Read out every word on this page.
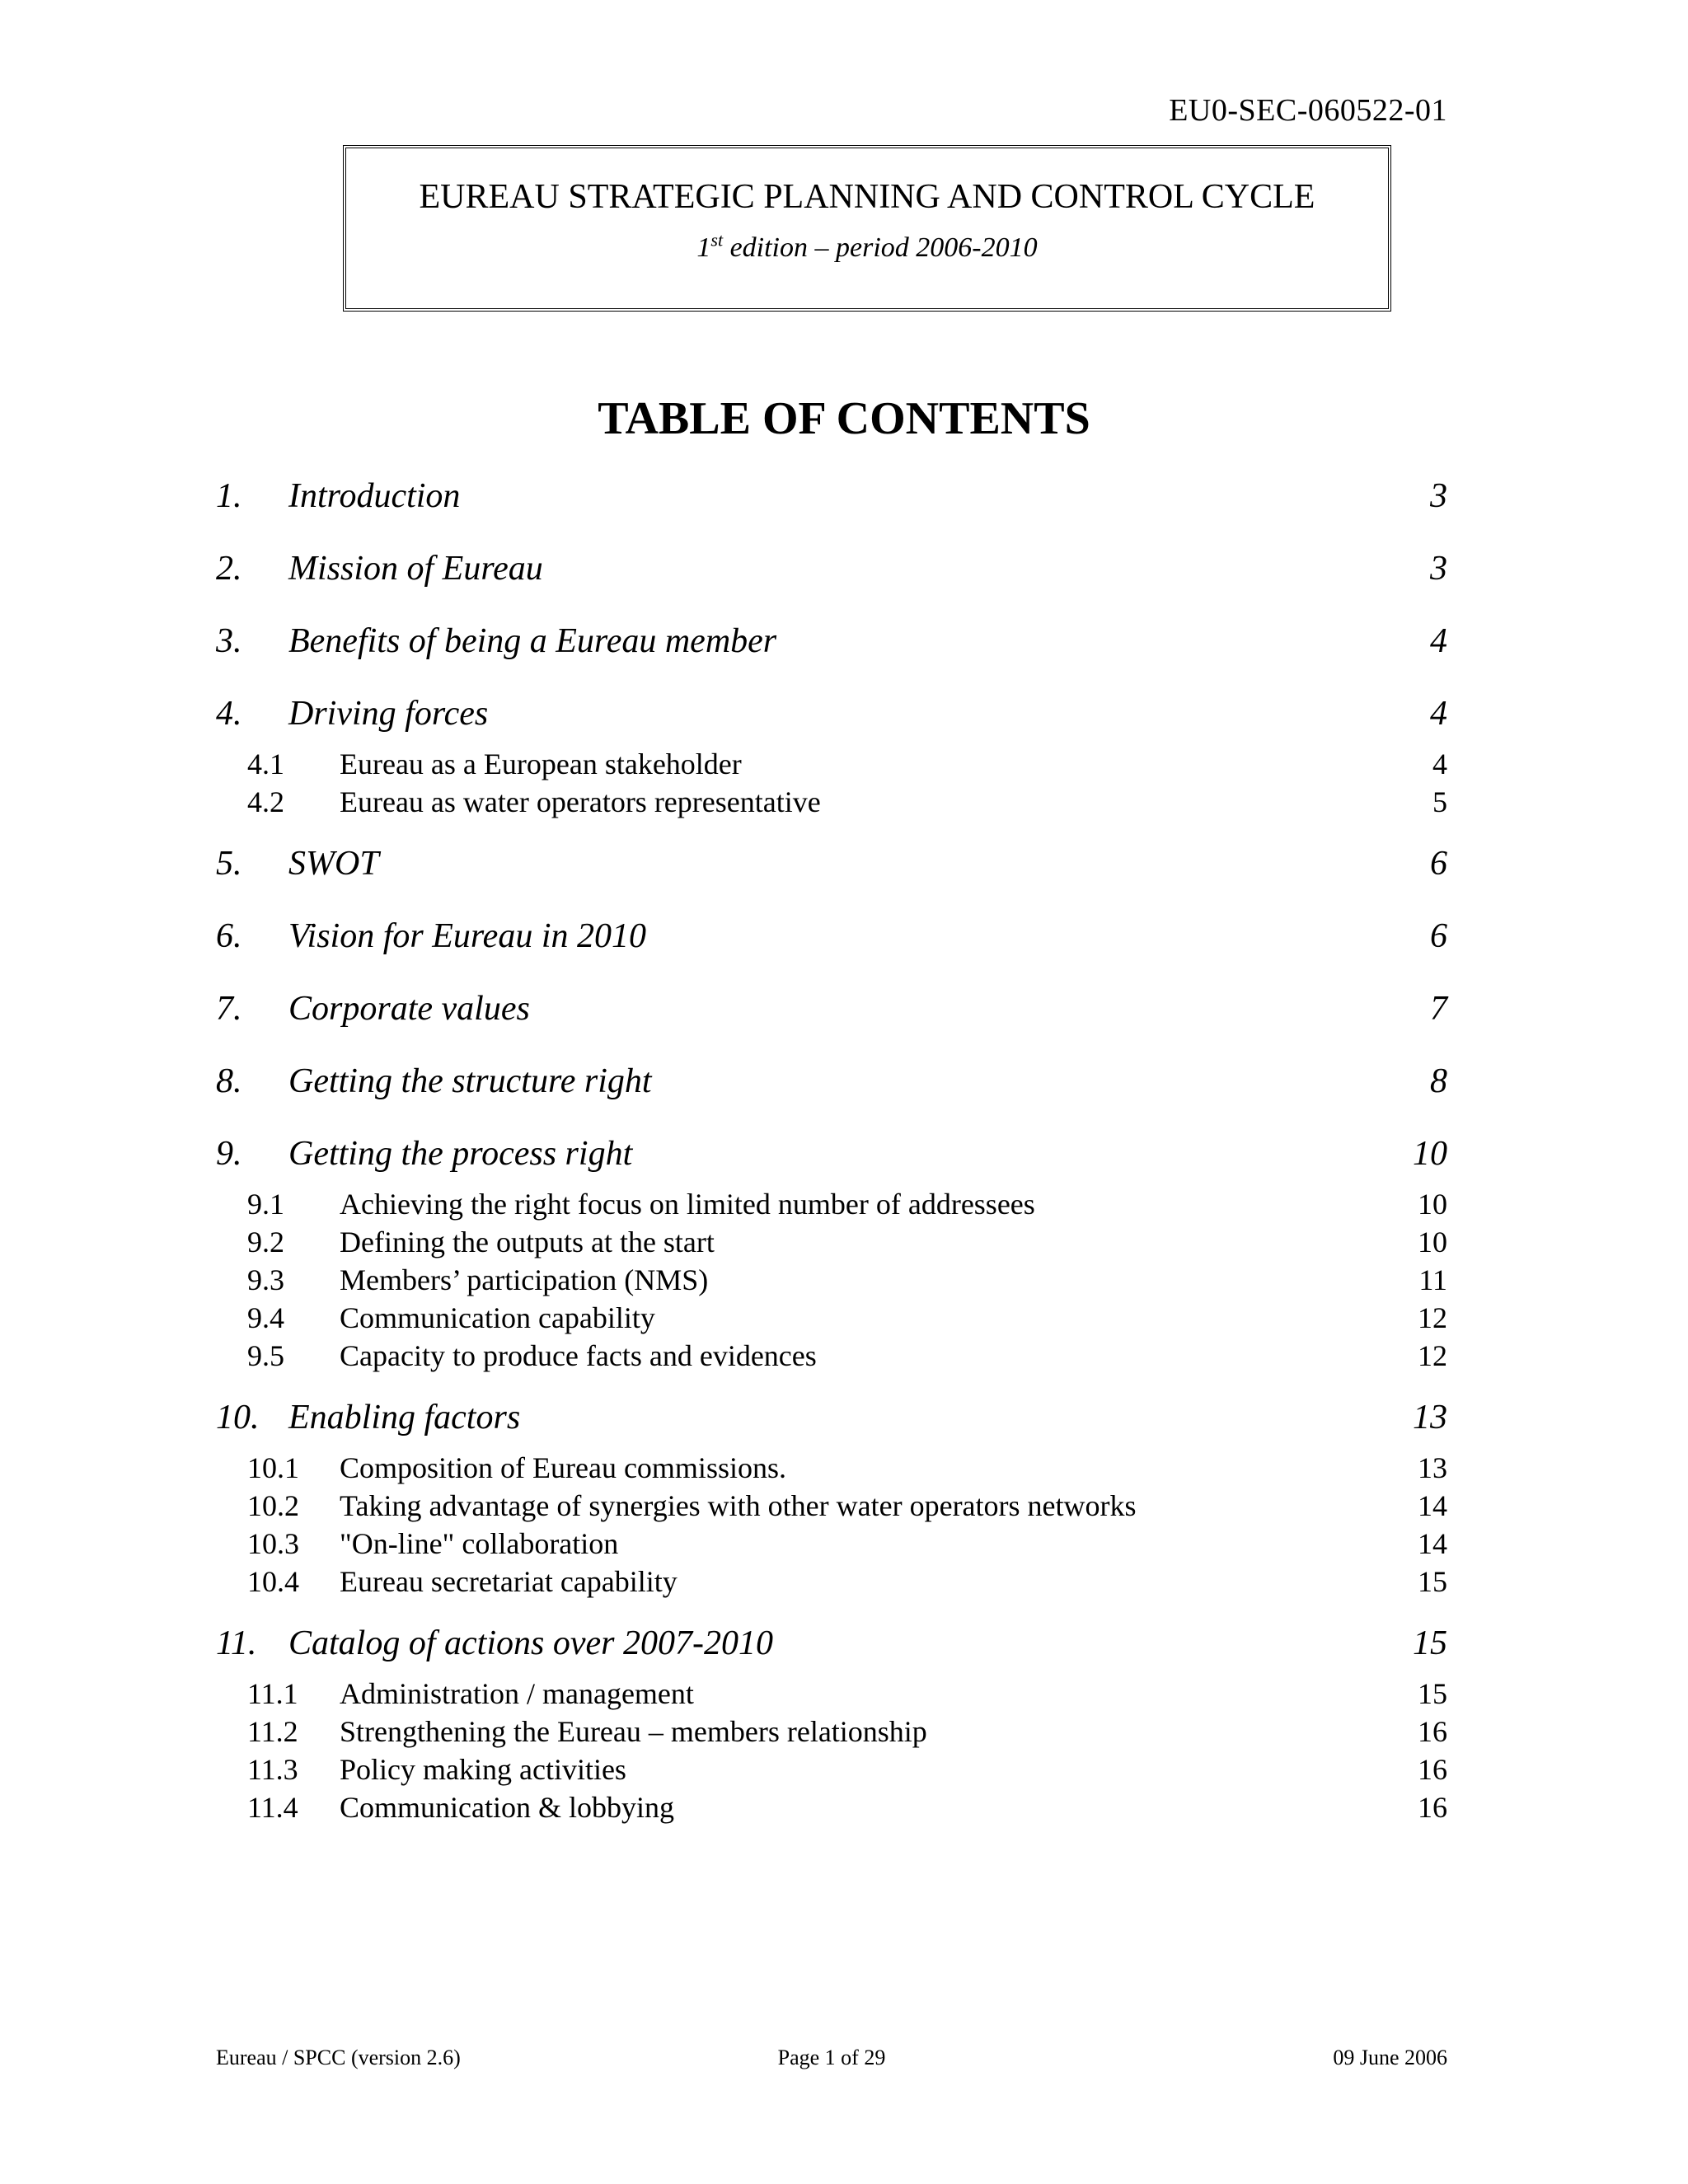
EU0-SEC-060522-01
EUREAU STRATEGIC PLANNING AND CONTROL CYCLE
1st edition – period 2006-2010
TABLE OF CONTENTS
1.	Introduction	3
2.	Mission of Eureau	3
3.	Benefits of being a Eureau member	4
4.	Driving forces	4
4.1	Eureau as a European stakeholder	4
4.2	Eureau as water operators representative	5
5.	SWOT	6
6.	Vision for Eureau in 2010	6
7.	Corporate values	7
8.	Getting the structure right	8
9.	Getting the process right	10
9.1	Achieving the right focus on limited number of addressees	10
9.2	Defining the outputs at the start	10
9.3	Members’ participation (NMS)	11
9.4	Communication capability	12
9.5	Capacity to produce facts and evidences	12
10. Enabling factors	13
10.1	Composition of Eureau commissions.	13
10.2	Taking advantage of synergies with other water operators networks	14
10.3	"On-line" collaboration	14
10.4	Eureau secretariat capability	15
11. Catalog of actions over 2007-2010	15
11.1	Administration / management	15
11.2	Strengthening the Eureau – members relationship	16
11.3	Policy making activities	16
11.4	Communication & lobbying	16
Eureau / SPCC (version 2.6)	Page 1 of 29	09 June 2006
